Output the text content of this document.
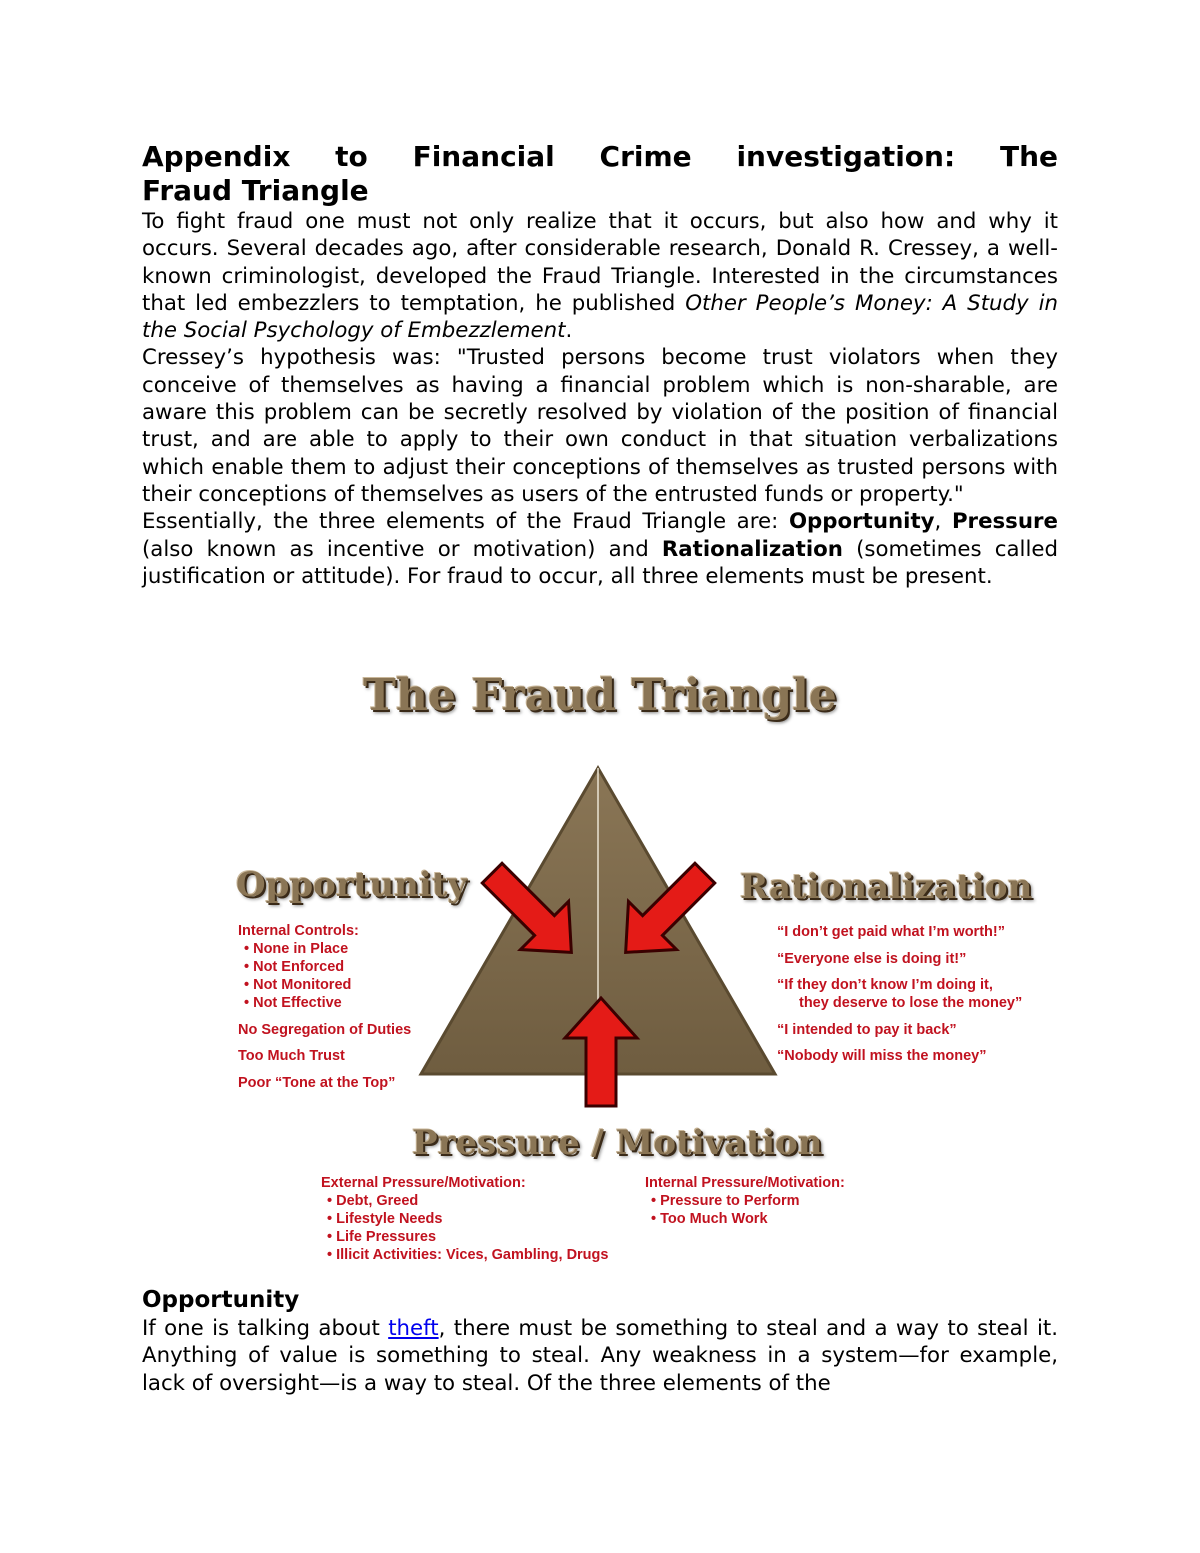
Appendix to Financial Crime investigation: The
Fraud Triangle

To fight fraud one must not only realize that it occurs, but also how and why it occurs. Several decades ago, after considerable research, Donald R. Cressey, a well-known criminologist, developed the Fraud Triangle. Interested in the circumstances that led embezzlers to temptation, he published Other People’s Money: A Study in the Social Psychology of Embezzlement.

Cressey’s hypothesis was: "Trusted persons become trust violators when they conceive of themselves as having a financial problem which is non-sharable, are aware this problem can be secretly resolved by violation of the position of financial trust, and are able to apply to their own conduct in that situation verbalizations which enable them to adjust their conceptions of themselves as trusted persons with their conceptions of themselves as users of the entrusted funds or property."

Essentially, the three elements of the Fraud Triangle are: Opportunity, Pressure (also known as incentive or motivation) and Rationalization (sometimes called justification or attitude). For fraud to occur, all three elements must be present.

The Fraud Triangle
Opportunity
Internal Controls:
• None in Place
• Not Enforced
• Not Monitored
• Not Effective
No Segregation of Duties
Too Much Trust
Poor “Tone at the Top”
Rationalization
“I don’t get paid what I’m worth!”
“Everyone else is doing it!”
“If they don’t know I’m doing it,
they deserve to lose the money”
“I intended to pay it back”
“Nobody will miss the money”
Pressure / Motivation
External Pressure/Motivation:
• Debt, Greed
• Lifestyle Needs
• Life Pressures
• Illicit Activities: Vices, Gambling, Drugs
Internal Pressure/Motivation:
• Pressure to Perform
• Too Much Work
Opportunity

If one is talking about theft, there must be something to steal and a way to steal it. Anything of value is something to steal. Any weakness in a system—for example, lack of oversight—is a way to steal. Of the three elements of the
